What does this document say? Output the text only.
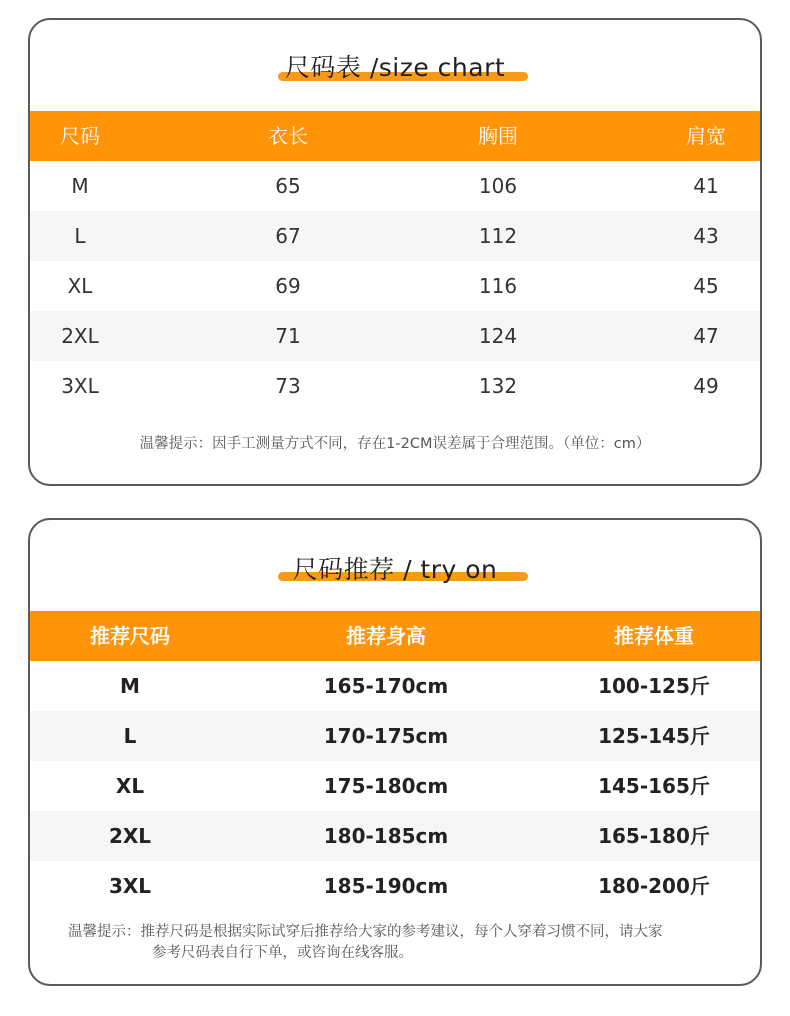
尺码表 /size chart
尺码	衣长	胸围	肩宽
M	65	106	41
L	67	112	43
XL	69	116	45
2XL	71	124	47
3XL	73	132	49
温馨提示：因手工测量方式不同，存在1-2CM误差属于合理范围。（单位：cm）
尺码推荐 / try on
推荐尺码	推荐身高	推荐体重
M	165-170cm	100-125斤
L	170-175cm	125-145斤
XL	175-180cm	145-165斤
2XL	180-185cm	165-180斤
3XL	185-190cm	180-200斤
温馨提示：推荐尺码是根据实际试穿后推荐给大家的参考建议，每个人穿着习惯不同，请大家
参考尺码表自行下单，或咨询在线客服。
